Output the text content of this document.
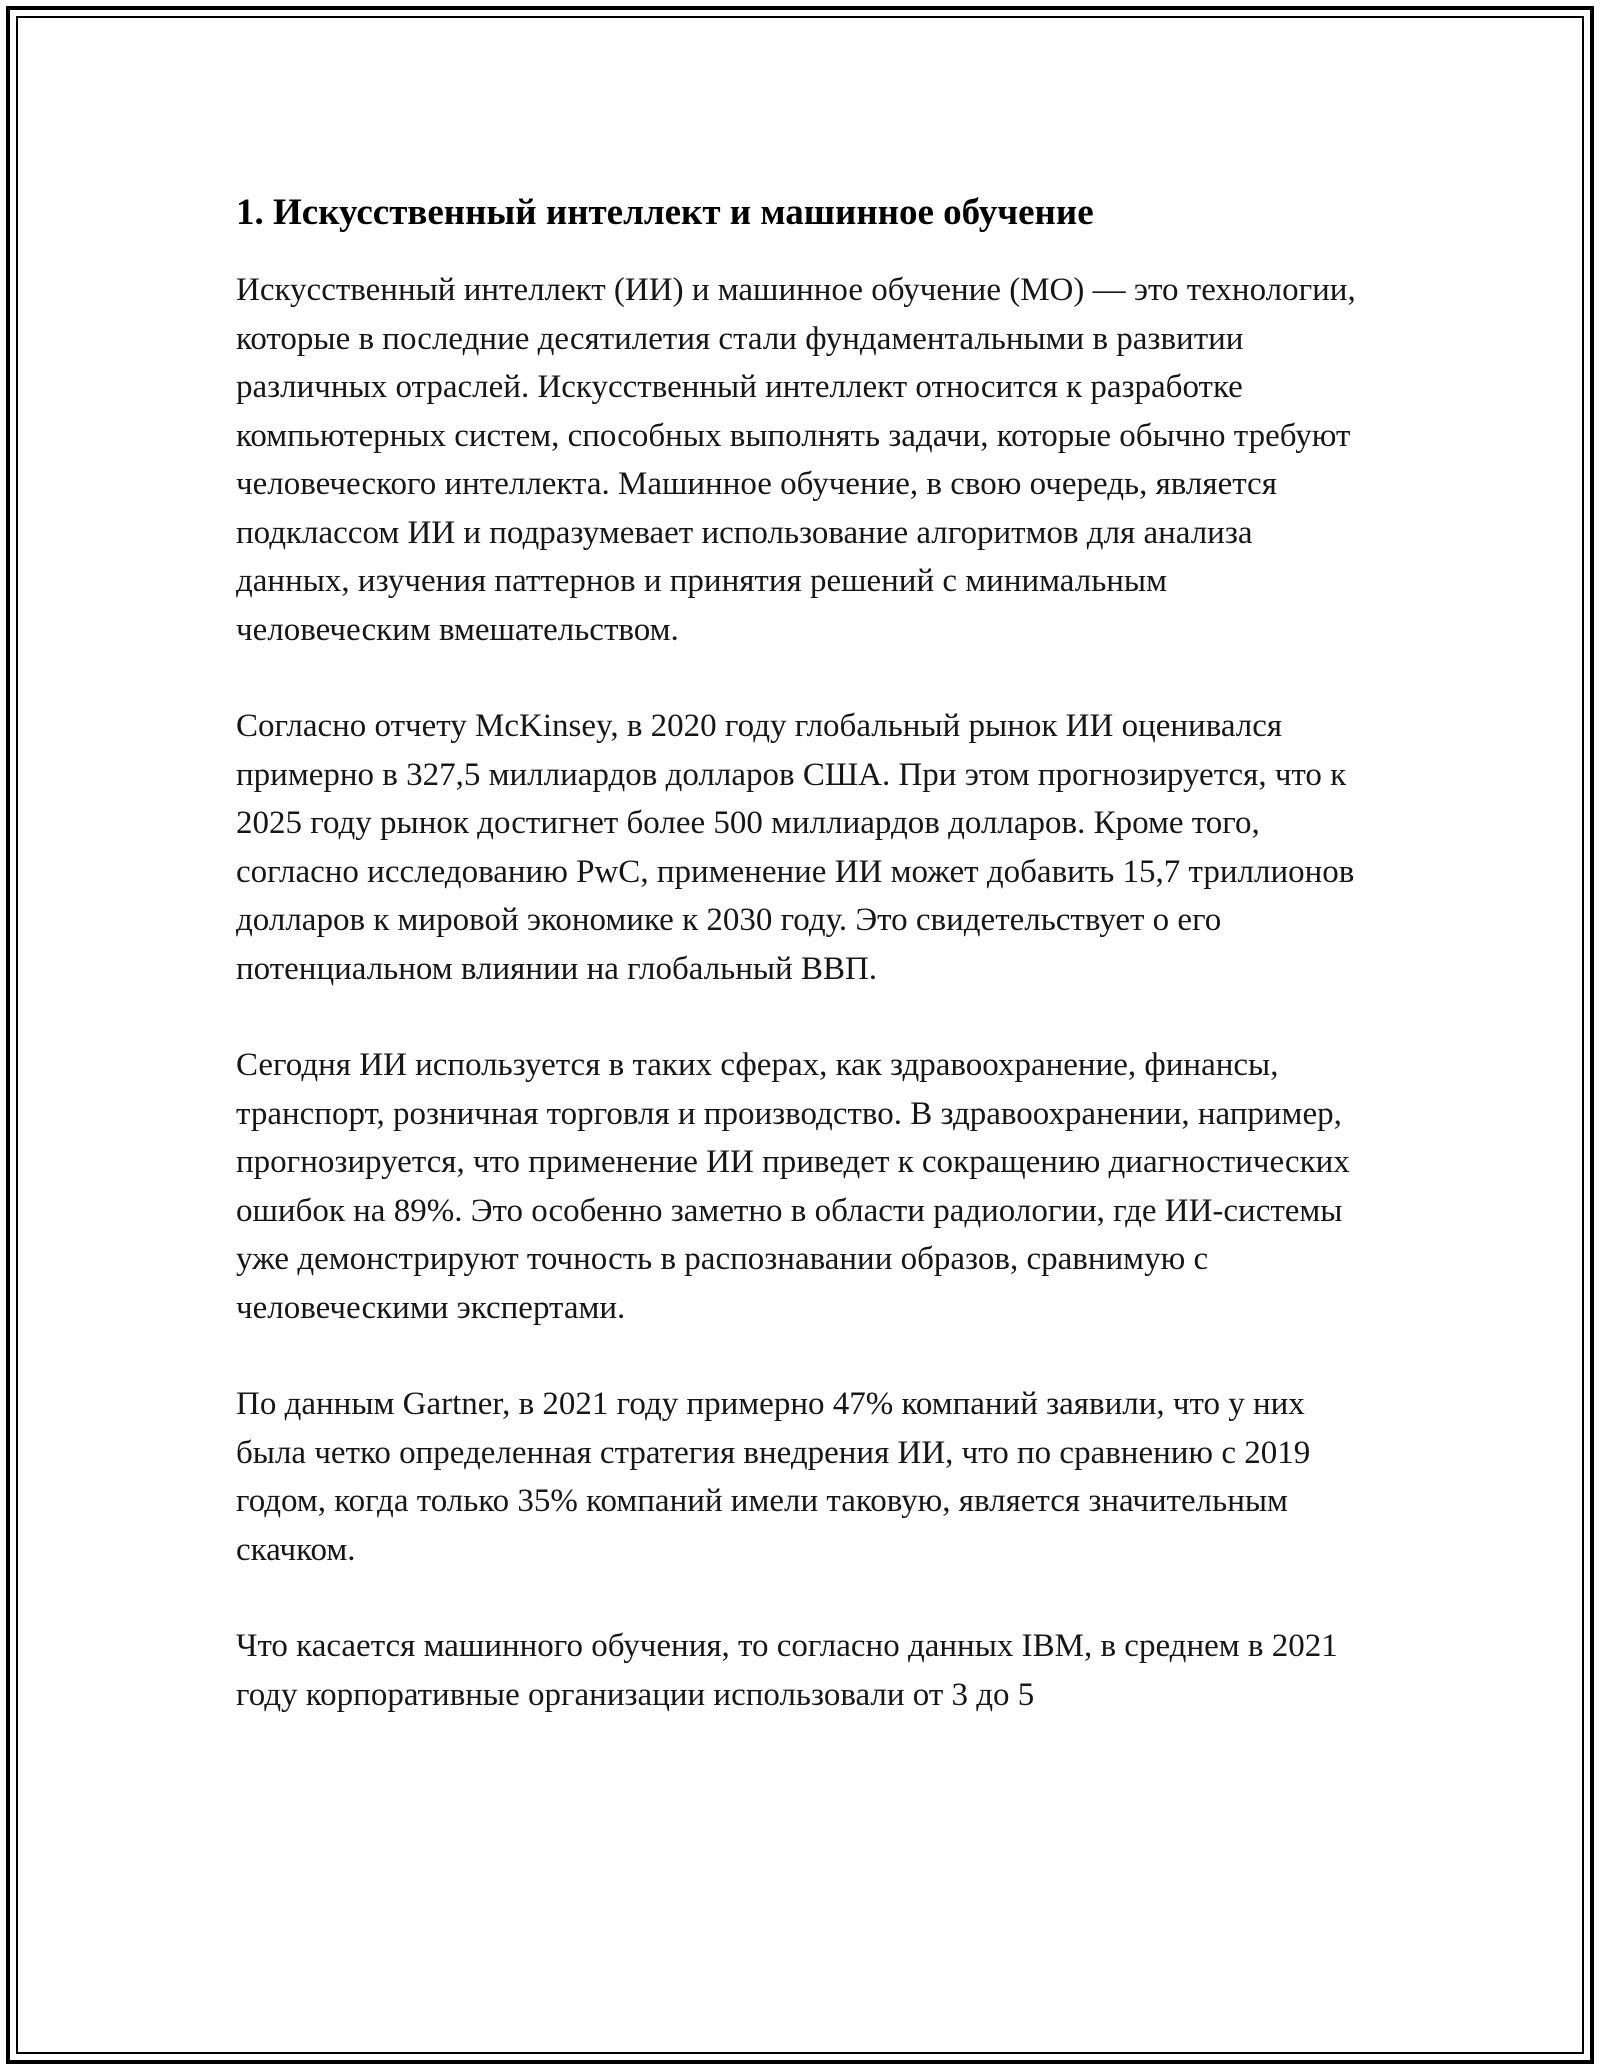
1. Искусственный интеллект и машинное обучение

Искусственный интеллект (ИИ) и машинное обучение (МО) — это технологии, которые в последние десятилетия стали фундаментальными в развитии различных отраслей. Искусственный интеллект относится к разработке компьютерных систем, способных выполнять задачи, которые обычно требуют человеческого интеллекта. Машинное обучение, в свою очередь, является подклассом ИИ и подразумевает использование алгоритмов для анализа данных, изучения паттернов и принятия решений с минимальным человеческим вмешательством.

Согласно отчету McKinsey, в 2020 году глобальный рынок ИИ оценивался примерно в 327,5 миллиардов долларов США. При этом прогнозируется, что к 2025 году рынок достигнет более 500 миллиардов долларов. Кроме того, согласно исследованию PwC, применение ИИ может добавить 15,7 триллионов долларов к мировой экономике к 2030 году. Это свидетельствует о его потенциальном влиянии на глобальный ВВП.

Сегодня ИИ используется в таких сферах, как здравоохранение, финансы, транспорт, розничная торговля и производство. В здравоохранении, например, прогнозируется, что применение ИИ приведет к сокращению диагностических ошибок на 89%. Это особенно заметно в области радиологии, где ИИ-системы уже демонстрируют точность в распознавании образов, сравнимую с человеческими экспертами.

По данным Gartner, в 2021 году примерно 47% компаний заявили, что у них была четко определенная стратегия внедрения ИИ, что по сравнению с 2019 годом, когда только 35% компаний имели таковую, является значительным скачком.

Что касается машинного обучения, то согласно данных IBM, в среднем в 2021 году корпоративные организации использовали от 3 до 5
